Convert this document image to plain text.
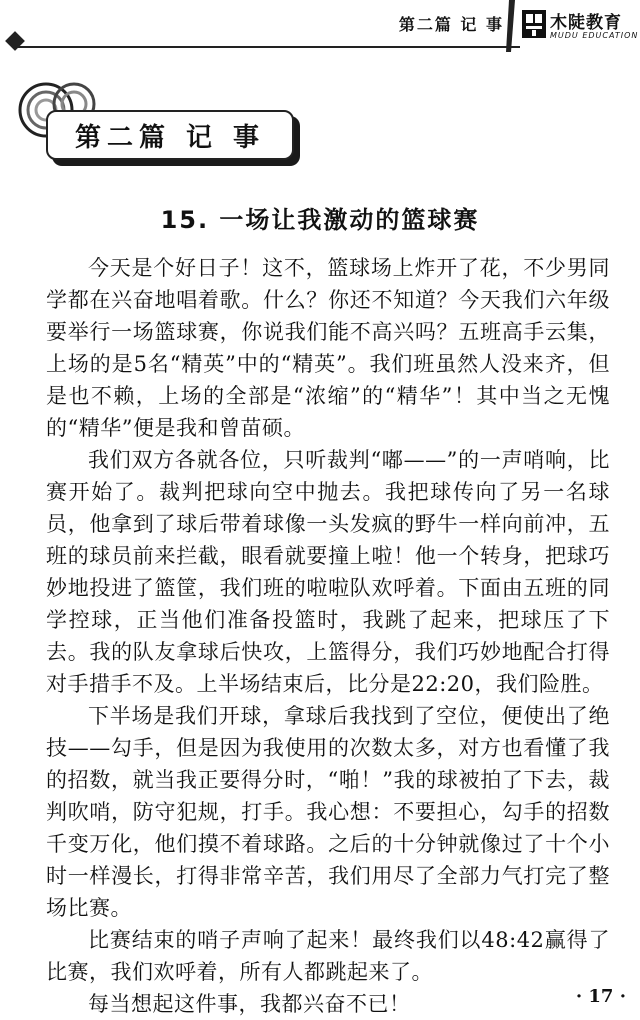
第二篇 记 事	木陡教育
MUDU EDUCATION
第二篇 记 事
15. 一场让我激动的篮球赛

今天是个好日子！这不，篮球场上炸开了花，不少男同学都在兴奋地唱着歌。什么？你还不知道？今天我们六年级要举行一场篮球赛，你说我们能不高兴吗？五班高手云集，上场的是5名“精英”中的“精英”。我们班虽然人没来齐，但是也不赖，上场的全部是“浓缩”的“精华”！其中当之无愧的“精华”便是我和曾苗硕。

我们双方各就各位，只听裁判“嘟——”的一声哨响，比赛开始了。裁判把球向空中抛去。我把球传向了另一名球员，他拿到了球后带着球像一头发疯的野牛一样向前冲，五班的球员前来拦截，眼看就要撞上啦！他一个转身，把球巧妙地投进了篮筐，我们班的啦啦队欢呼着。下面由五班的同学控球，正当他们准备投篮时，我跳了起来，把球压了下去。我的队友拿球后快攻，上篮得分，我们巧妙地配合打得对手措手不及。上半场结束后，比分是22:20，我们险胜。

下半场是我们开球，拿球后我找到了空位，便使出了绝技——勾手，但是因为我使用的次数太多，对方也看懂了我的招数，就当我正要得分时，“啪！”我的球被拍了下去，裁判吹哨，防守犯规，打手。我心想：不要担心，勾手的招数千变万化，他们摸不着球路。之后的十分钟就像过了十个小时一样漫长，打得非常辛苦，我们用尽了全部力气打完了整场比赛。

比赛结束的哨子声响了起来！最终我们以48:42赢得了比赛，我们欢呼着，所有人都跳起来了。

每当想起这件事，我都兴奋不已！	· 17 ·
